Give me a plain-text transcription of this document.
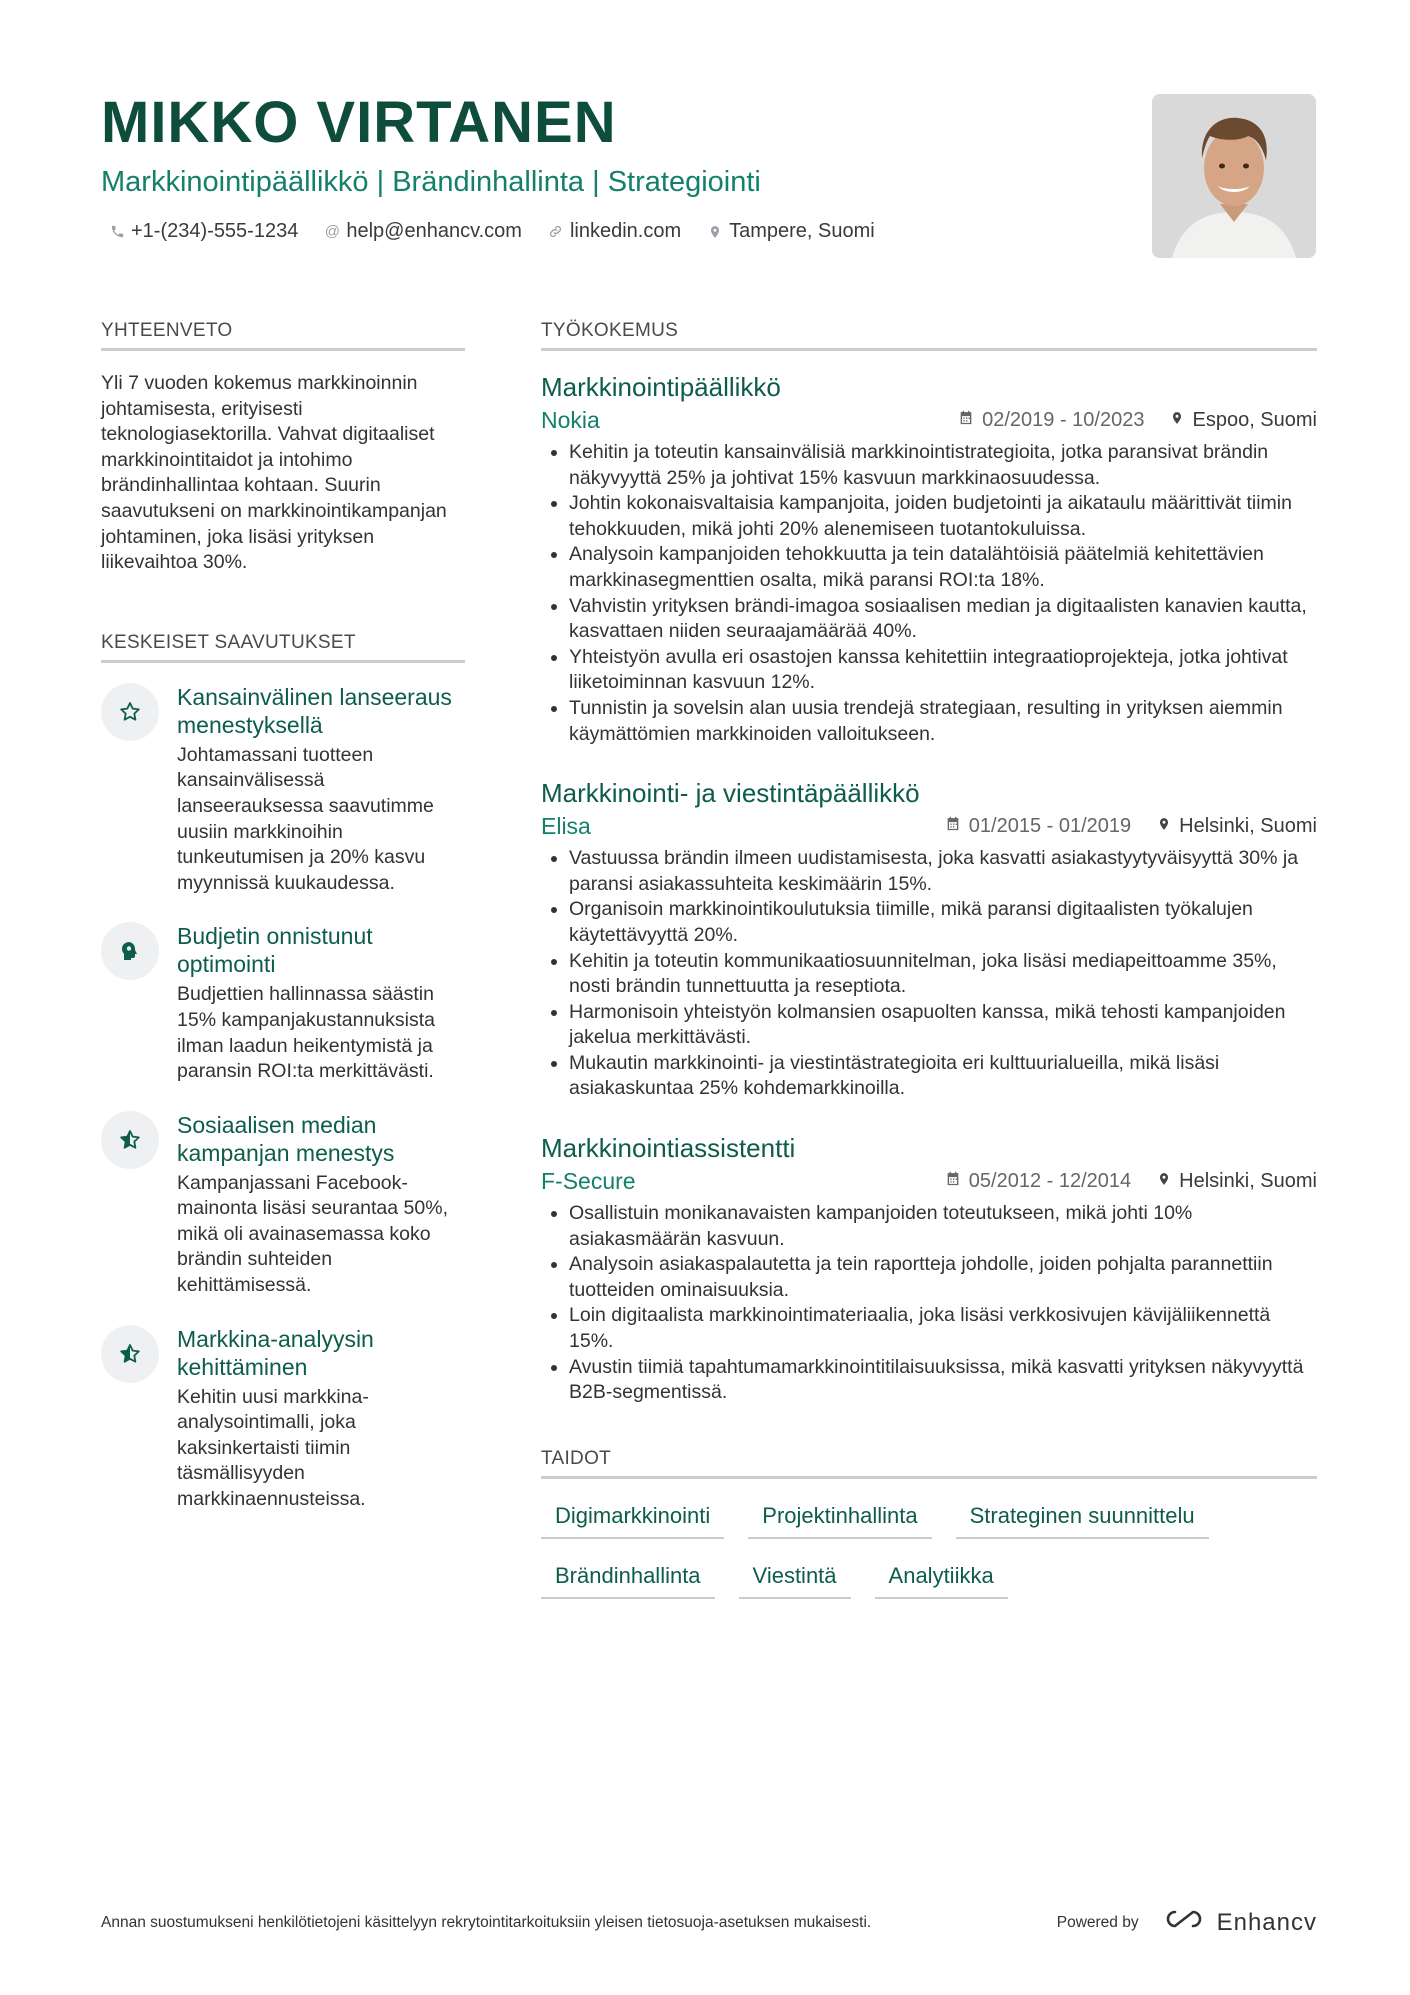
MIKKO VIRTANEN
Markkinointipäällikkö | Brändinhallinta | Strategiointi
+1-(234)-555-1234 @ help@enhancv.com linkedin.com Tampere, Suomi
YHTEENVETO
Yli 7 vuoden kokemus markkinoinnin johtamisesta, erityisesti teknologiasektorilla. Vahvat digitaaliset markkinointitaidot ja intohimo brändinhallintaa kohtaan. Suurin saavutukseni on markkinointikampanjan johtaminen, joka lisäsi yrityksen liikevaihtoa 30%.
KESKEISET SAAVUTUKSET
Kansainvälinen lanseeraus menestyksellä
Johtamassani tuotteen kansainvälisessä lanseerauksessa saavutimme uusiin markkinoihin tunkeutumisen ja 20% kasvu myynnissä kuukaudessa.
Budjetin onnistunut optimointi
Budjettien hallinnassa säästin 15% kampanjakustannuksista ilman laadun heikentymistä ja paransin ROI:ta merkittävästi.
Sosiaalisen median kampanjan menestys
Kampanjassani Facebook-mainonta lisäsi seurantaa 50%, mikä oli avainasemassa koko brändin suhteiden kehittämisessä.
Markkina-analyysin kehittäminen
Kehitin uusi markkina-analysointimalli, joka kaksinkertaisti tiimin täsmällisyyden markkinaennusteissa.
TYÖKOKEMUS
Markkinointipäällikkö
Nokia	02/2019 - 10/2023 Espoo, Suomi
• Kehitin ja toteutin kansainvälisiä markkinointistrategioita, jotka paransivat brändin näkyvyyttä 25% ja johtivat 15% kasvuun markkinaosuudessa.
• Johtin kokonaisvaltaisia kampanjoita, joiden budjetointi ja aikataulu määrittivät tiimin tehokkuuden, mikä johti 20% alenemiseen tuotantokuluissa.
• Analysoin kampanjoiden tehokkuutta ja tein datalähtöisiä päätelmiä kehitettävien markkinasegmenttien osalta, mikä paransi ROI:ta 18%.
• Vahvistin yrityksen brändi-imagoa sosiaalisen median ja digitaalisten kanavien kautta, kasvattaen niiden seuraajamäärää 40%.
• Yhteistyön avulla eri osastojen kanssa kehitettiin integraatioprojekteja, jotka johtivat liiketoiminnan kasvuun 12%.
• Tunnistin ja sovelsin alan uusia trendejä strategiaan, resulting in yrityksen aiemmin käymättömien markkinoiden valloitukseen.
Markkinointi- ja viestintäpäällikkö
Elisa	01/2015 - 01/2019 Helsinki, Suomi
• Vastuussa brändin ilmeen uudistamisesta, joka kasvatti asiakastyytyväisyyttä 30% ja paransi asiakassuhteita keskimäärin 15%.
• Organisoin markkinointikoulutuksia tiimille, mikä paransi digitaalisten työkalujen käytettävyyttä 20%.
• Kehitin ja toteutin kommunikaatiosuunnitelman, joka lisäsi mediapeittoamme 35%, nosti brändin tunnettuutta ja reseptiota.
• Harmonisoin yhteistyön kolmansien osapuolten kanssa, mikä tehosti kampanjoiden jakelua merkittävästi.
• Mukautin markkinointi- ja viestintästrategioita eri kulttuurialueilla, mikä lisäsi asiakaskuntaa 25% kohdemarkkinoilla.
Markkinointiassistentti
F-Secure	05/2012 - 12/2014 Helsinki, Suomi
• Osallistuin monikanavaisten kampanjoiden toteutukseen, mikä johti 10% asiakasmäärän kasvuun.
• Analysoin asiakaspalautetta ja tein raportteja johdolle, joiden pohjalta parannettiin tuotteiden ominaisuuksia.
• Loin digitaalista markkinointimateriaalia, joka lisäsi verkkosivujen kävijäliikennettä 15%.
• Avustin tiimiä tapahtumamarkkinointitilaisuuksissa, mikä kasvatti yrityksen näkyvyyttä B2B-segmentissä.
TAIDOT
Digimarkkinointi	Projektinhallinta	Strateginen suunnittelu
Brändinhallinta	Viestintä	Analytiikka
Annan suostumukseni henkilötietojeni käsittelyyn rekrytointitarkoituksiin yleisen tietosuoja-asetuksen mukaisesti.	Powered by	Enhancv
